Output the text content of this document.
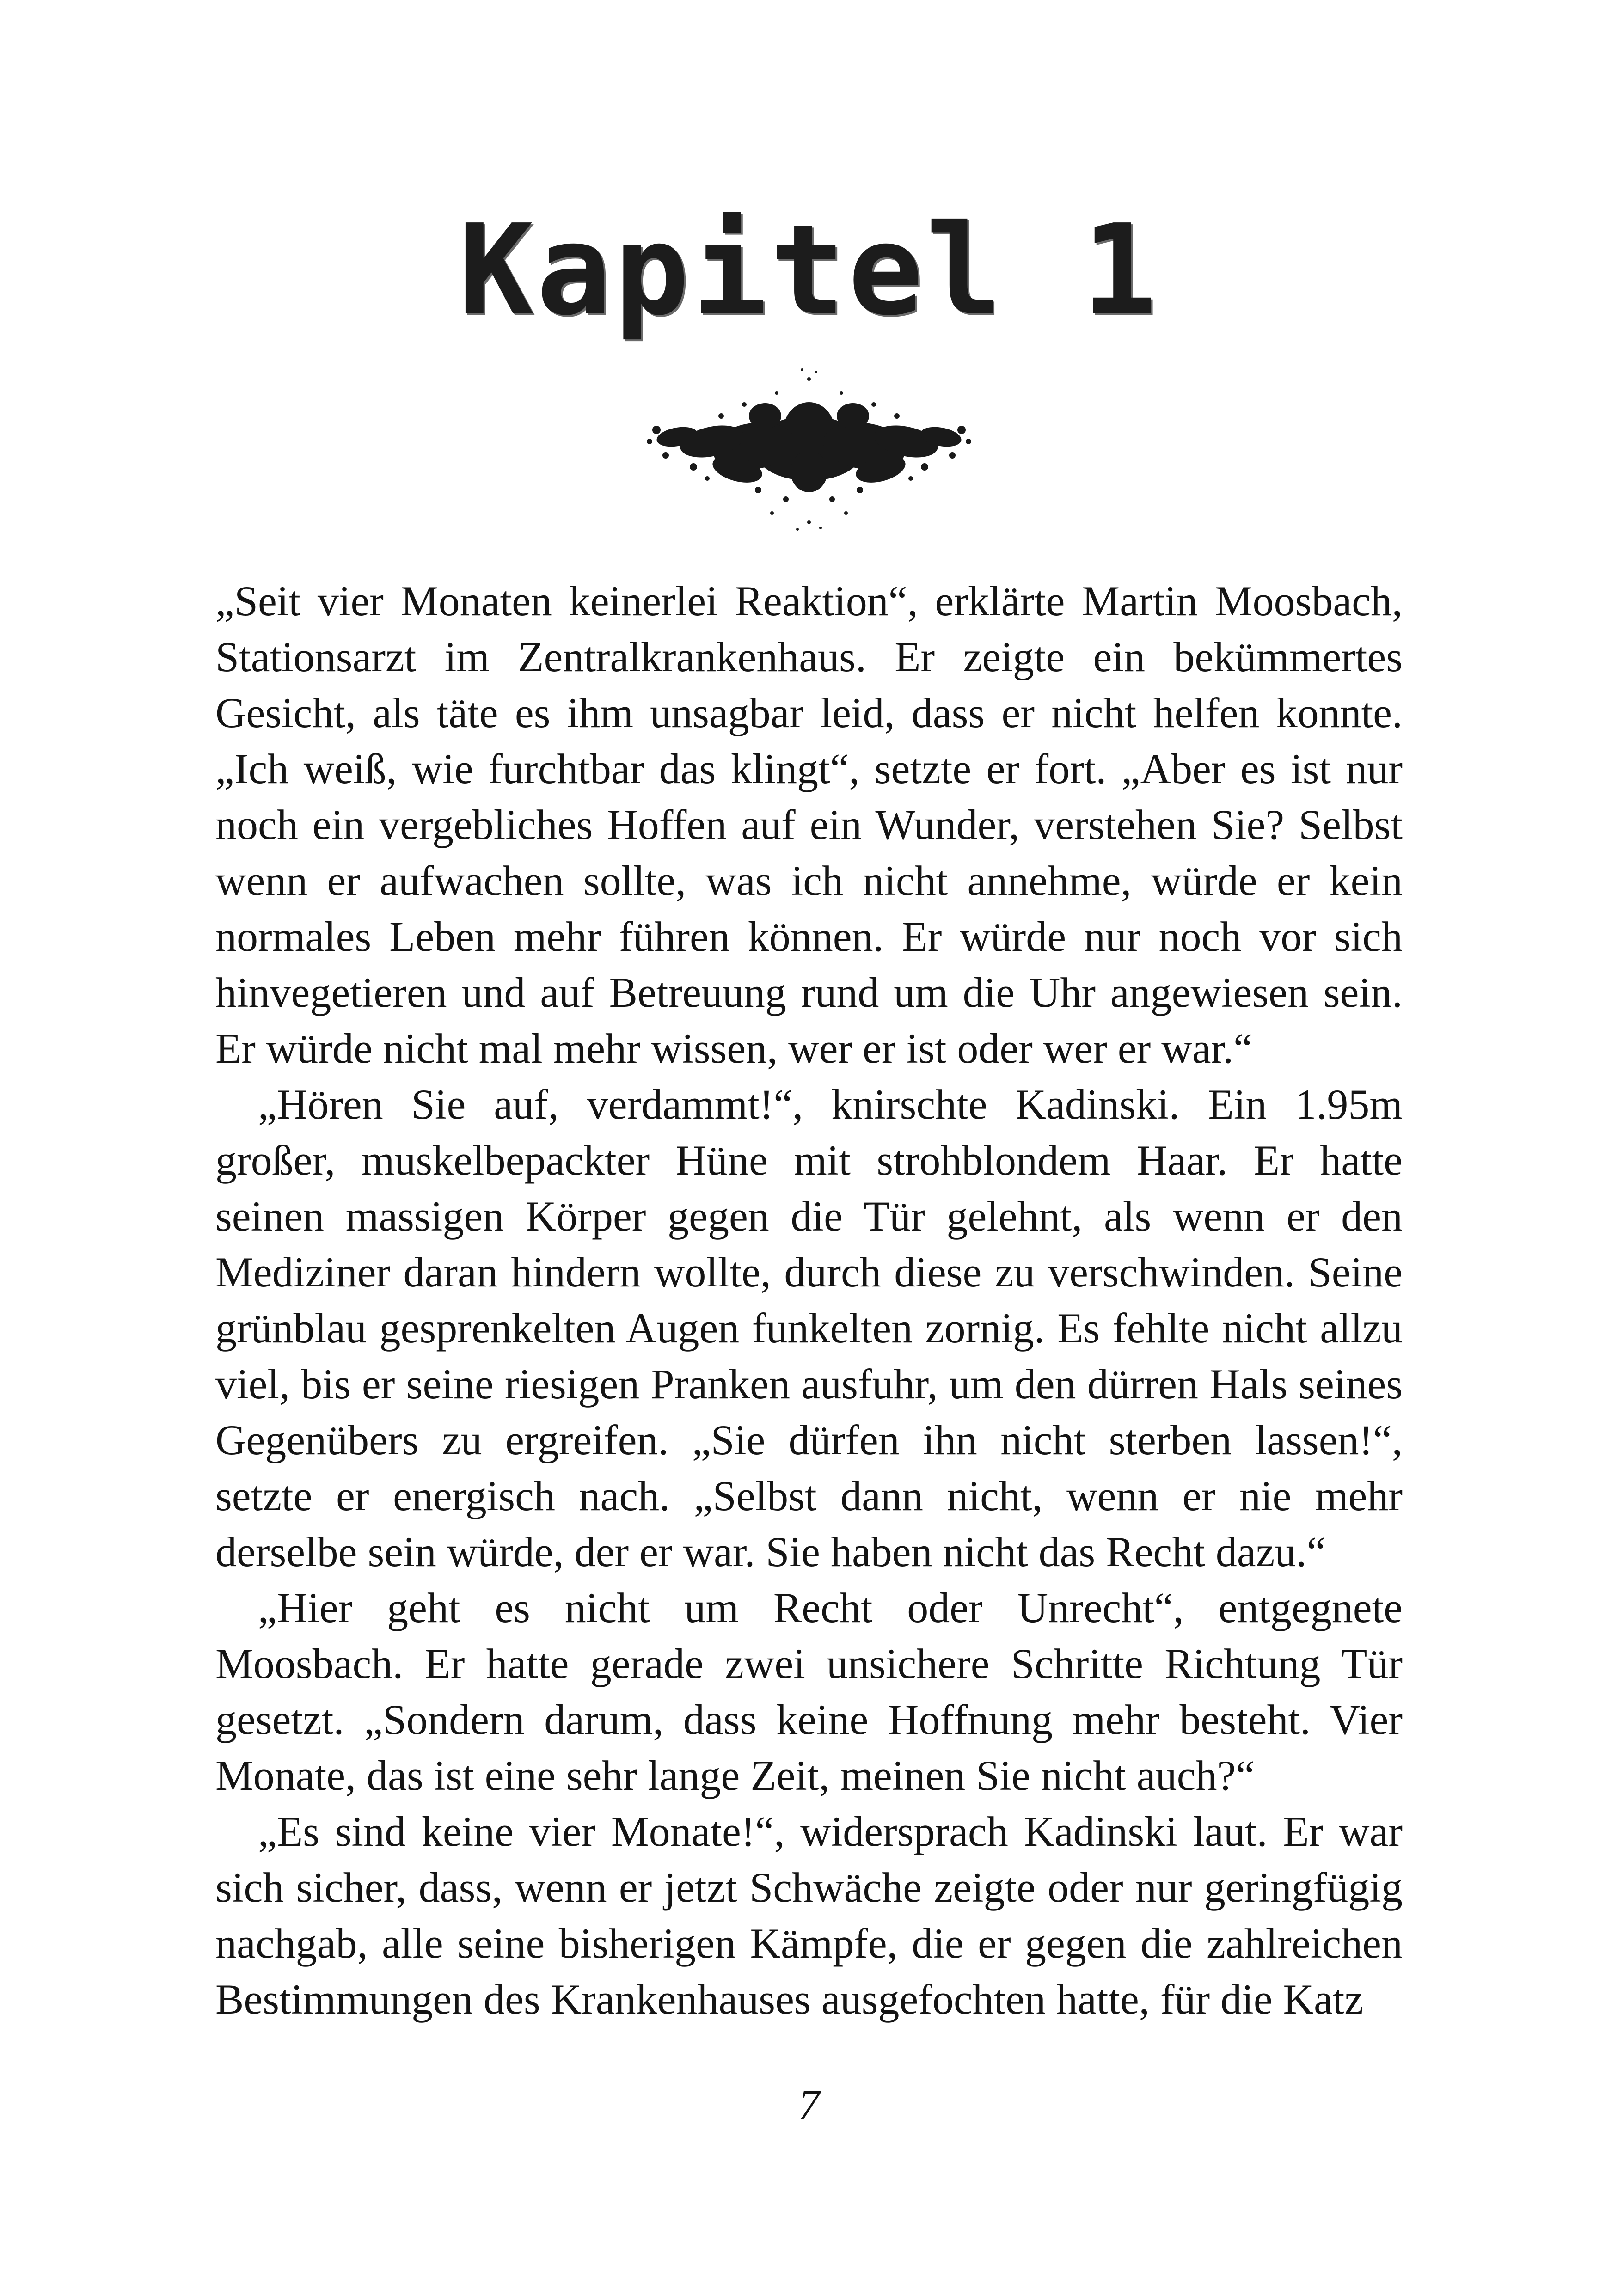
Kapitel 1

„Seit vier Monaten keinerlei Reaktion“, erklärte Martin Moosbach, Stationsarzt im Zentralkrankenhaus. Er zeigte ein bekümmertes Gesicht, als täte es ihm unsagbar leid, dass er nicht helfen konnte. „Ich weiß, wie furchtbar das klingt“, setzte er fort. „Aber es ist nur noch ein vergebliches Hoffen auf ein Wunder, verstehen Sie? Selbst wenn er aufwachen sollte, was ich nicht annehme, würde er kein normales Leben mehr führen können. Er würde nur noch vor sich hinvegetieren und auf Betreuung rund um die Uhr angewiesen sein. Er würde nicht mal mehr wissen, wer er ist oder wer er war.“

„Hören Sie auf, verdammt!“, knirschte Kadinski. Ein 1.95m großer, muskelbepackter Hüne mit strohblondem Haar. Er hatte seinen massigen Körper gegen die Tür gelehnt, als wenn er den Mediziner daran hindern wollte, durch diese zu verschwinden. Seine grünblau gesprenkelten Augen funkelten zornig. Es fehlte nicht allzu viel, bis er seine riesigen Pranken ausfuhr, um den dürren Hals seines Gegenübers zu ergreifen. „Sie dürfen ihn nicht sterben lassen!“, setzte er energisch nach. „Selbst dann nicht, wenn er nie mehr derselbe sein würde, der er war. Sie haben nicht das Recht dazu.“

„Hier geht es nicht um Recht oder Unrecht“, entgegnete Moosbach. Er hatte gerade zwei unsichere Schritte Richtung Tür gesetzt. „Sondern darum, dass keine Hoffnung mehr besteht. Vier Monate, das ist eine sehr lange Zeit, meinen Sie nicht auch?“

„Es sind keine vier Monate!“, widersprach Kadinski laut. Er war sich sicher, dass, wenn er jetzt Schwäche zeigte oder nur geringfügig nachgab, alle seine bisherigen Kämpfe, die er gegen die zahlreichen Bestimmungen des Krankenhauses ausgefochten hatte, für die Katz

7
